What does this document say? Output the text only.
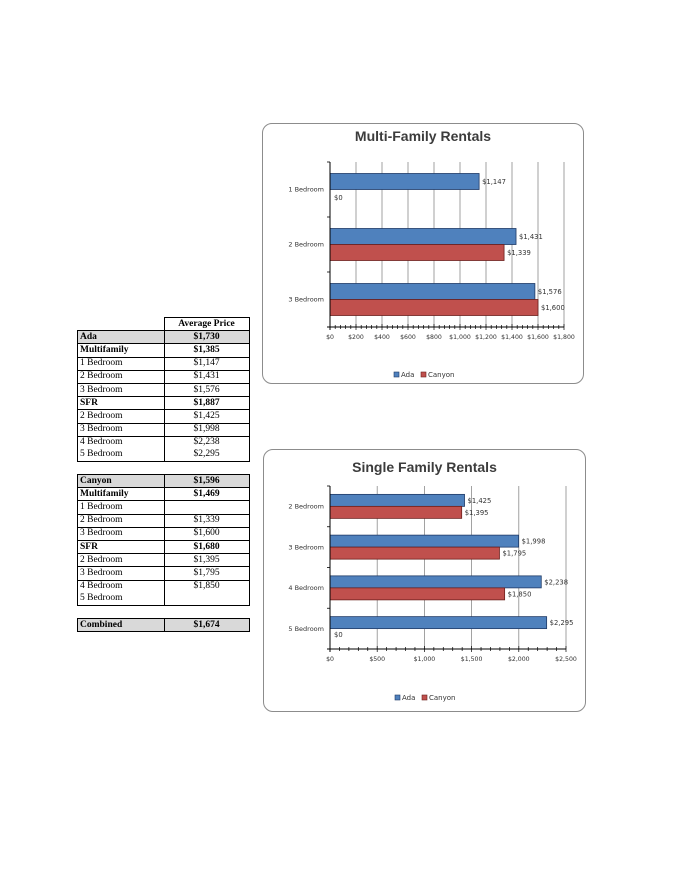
	Average Price
Ada	$1,730
Multifamily	$1,385
1 Bedroom	$1,147
2 Bedroom	$1,431
3 Bedroom	$1,576
SFR	$1,887
2 Bedroom	$1,425
3 Bedroom	$1,998
4 Bedroom	$2,238
5 Bedroom	$2,295

Canyon	$1,596
Multifamily	$1,469
1 Bedroom	
2 Bedroom	$1,339
3 Bedroom	$1,600
SFR	$1,680
2 Bedroom	$1,395
3 Bedroom	$1,795
4 Bedroom	$1,850
5 Bedroom	

Combined	$1,674
Multi-Family Rentals
1 Bedroom
$1,147
$0
2 Bedroom
$1,431
$1,339
3 Bedroom
$1,576
$1,600
$0 $200 $400 $600 $800 $1,000 $1,200 $1,400 $1,600 $1,800
Ada Canyon
Single Family Rentals
2 Bedroom
$1,425
$1,395
3 Bedroom
$1,998
$1,795
4 Bedroom
$2,238
$1,850
5 Bedroom
$2,295
$0
$0	$500	$1,000	$1,500	$2,000	$2,500
Ada Canyon
